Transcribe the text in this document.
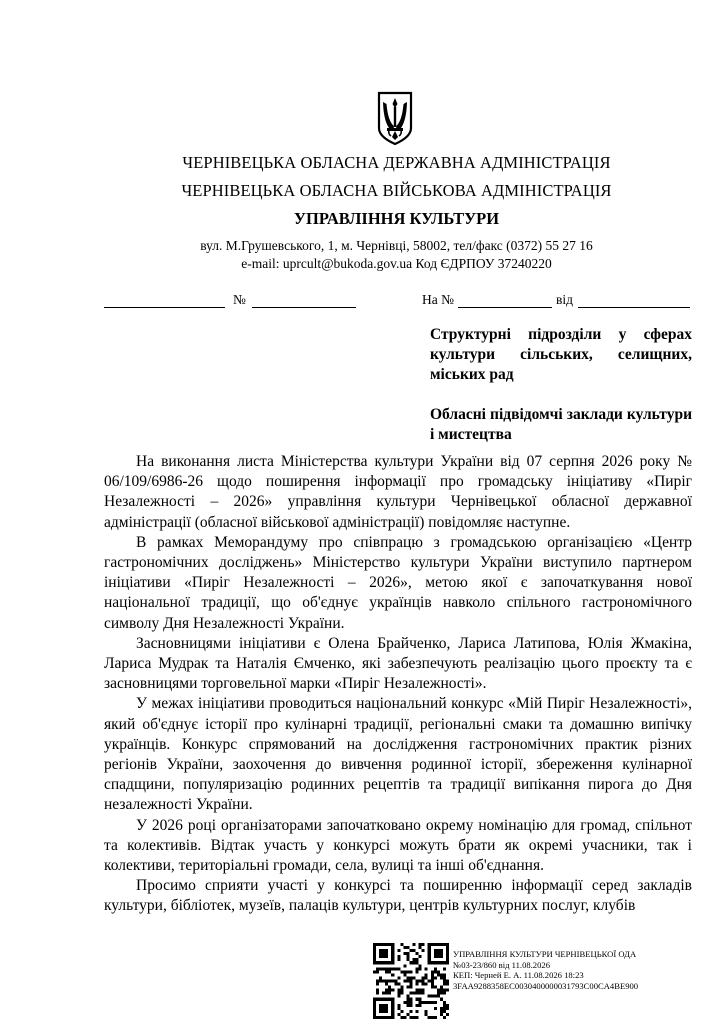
ЧЕРНІВЕЦЬКА ОБЛАСНА ДЕРЖАВНА АДМІНІСТРАЦІЯ
ЧЕРНІВЕЦЬКА ОБЛАСНА ВІЙСЬКОВА АДМІНІСТРАЦІЯ
УПРАВЛІННЯ КУЛЬТУРИ
вул. М.Грушевського, 1, м. Чернівці, 58002, тел/факс (0372) 55 27 16
e-mail: uprcult@bukoda.gov.ua Код ЄДРПОУ 37240220
№	На №	від
Структурні підрозділи у сферах культури сільських, селищних, міських рад
Обласні підвідомчі заклади культури і мистецтва

На виконання листа Міністерства культури України від 07 серпня 2026 року № 06/109/6986-26 щодо поширення інформації про громадську ініціативу «Пиріг Незалежності – 2026» управління культури Чернівецької обласної державної адміністрації (обласної військової адміністрації) повідомляє наступне.

В рамках Меморандуму про співпрацю з громадською організацією «Центр гастрономічних досліджень» Міністерство культури України виступило партнером ініціативи «Пиріг Незалежності – 2026», метою якої є започаткування нової національної традиції, що об'єднує українців навколо спільного гастрономічного символу Дня Незалежності України.

Засновницями ініціативи є Олена Брайченко, Лариса Латипова, Юлія Жмакіна, Лариса Мудрак та Наталія Ємченко, які забезпечують реалізацію цього проєкту та є засновницями торговельної марки «Пиріг Незалежності».

У межах ініціативи проводиться національний конкурс «Мій Пиріг Незалежності», який об'єднує історії про кулінарні традиції, регіональні смаки та домашню випічку українців. Конкурс спрямований на дослідження гастрономічних практик різних регіонів України, заохочення до вивчення родинної історії, збереження кулінарної спадщини, популяризацію родинних рецептів та традиції випікання пирога до Дня незалежності України.

У 2026 році організаторами започатковано окрему номінацію для громад, спільнот та колективів. Відтак участь у конкурсі можуть брати як окремі учасники, так і колективи, територіальні громади, села, вулиці та інші об'єднання.

Просимо сприяти участі у конкурсі та поширенню інформації серед закладів культури, бібліотек, музеїв, палаців культури, центрів культурних послуг, клубів

УПРАВЛІННЯ КУЛЬТУРИ ЧЕРНІВЕЦЬКОЇ ОДА
№03-23/860 від 11.08.2026
КЕП: Черней Е. А. 11.08.2026 18:23
3FAA9288358EC0030400000031793C00CA4BE900
